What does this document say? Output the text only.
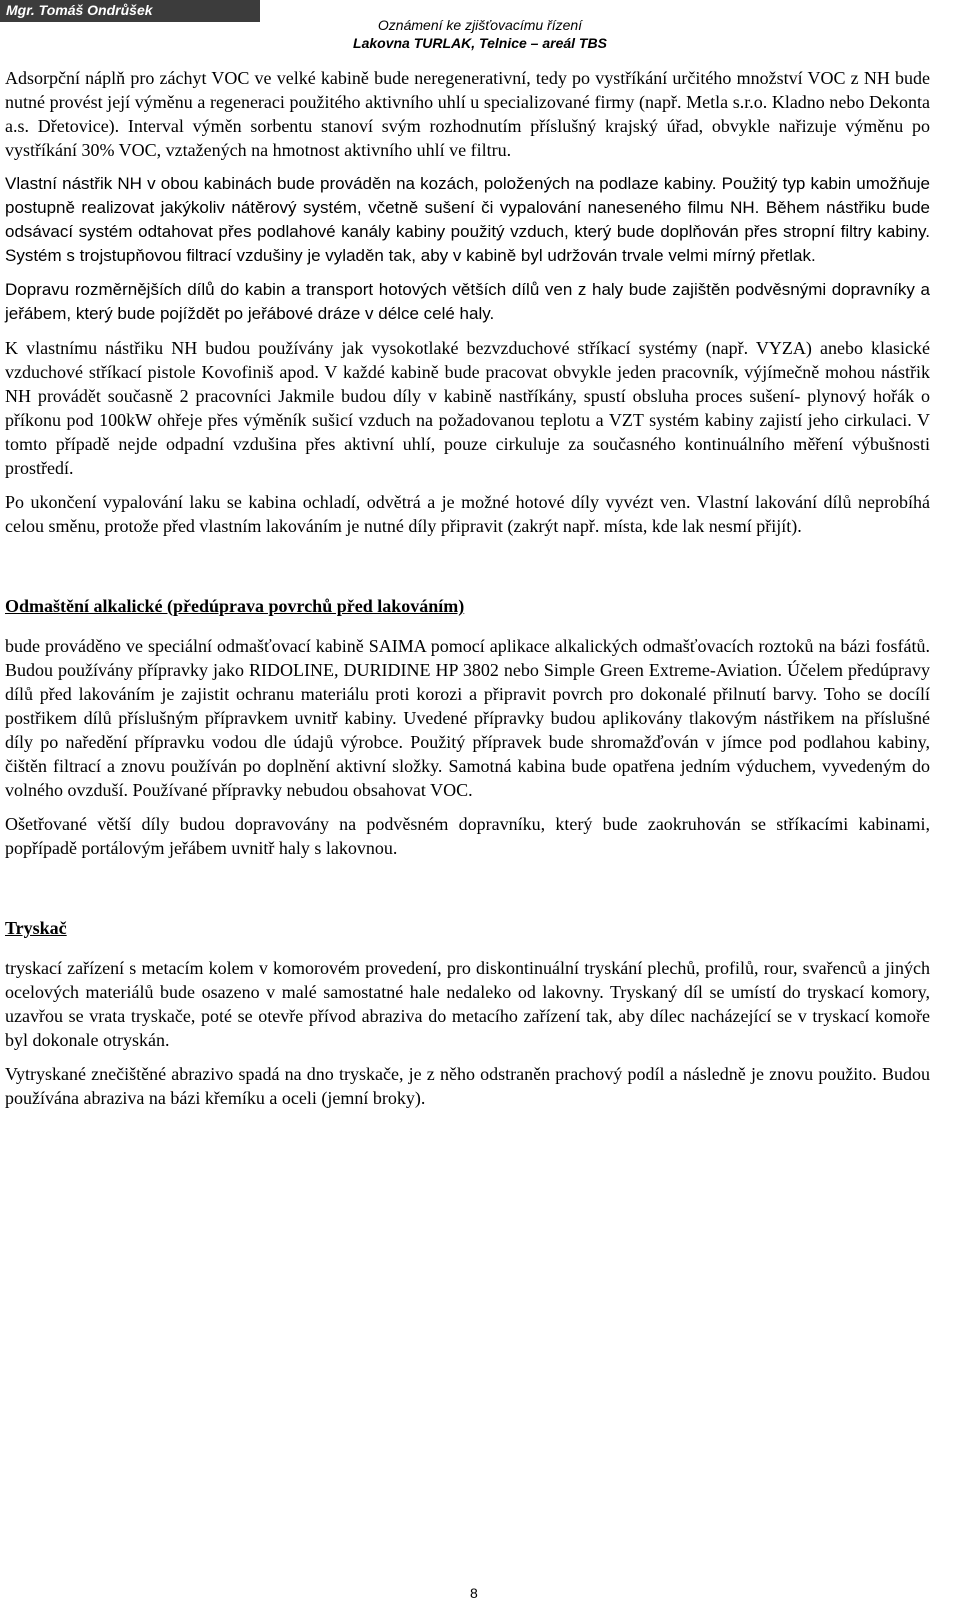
Mgr. Tomáš Ondrůšek
Oznámení ke zjišťovacímu řízení
Lakovna TURLAK, Telnice – areál TBS

Adsorpční náplň pro záchyt VOC ve velké kabině bude neregenerativní, tedy po vystříkání určitého množství VOC z NH bude nutné provést její výměnu a regeneraci použitého aktivního uhlí u specializované firmy (např. Metla s.r.o. Kladno nebo Dekonta a.s. Dřetovice). Interval výměn sorbentu stanoví svým rozhodnutím příslušný krajský úřad, obvykle nařizuje výměnu po vystříkání 30% VOC, vztažených na hmotnost aktivního uhlí ve filtru.

Vlastní nástřik NH v obou kabinách bude prováděn na kozách, položených na podlaze kabiny. Použitý typ kabin umožňuje postupně realizovat jakýkoliv nátěrový systém, včetně sušení či vypalování naneseného filmu NH. Během nástřiku bude odsávací systém odtahovat přes podlahové kanály kabiny použitý vzduch, který bude doplňován přes stropní filtry kabiny. Systém s trojstupňovou filtrací vzdušiny je vyladěn tak, aby v kabině byl udržován trvale velmi mírný přetlak.

Dopravu rozměrnějších dílů do kabin a transport hotových větších dílů ven z haly bude zajištěn podvěsnými dopravníky a jeřábem, který bude pojíždět po jeřábové dráze v délce celé haly.

K vlastnímu nástřiku NH budou používány jak vysokotlaké bezvzduchové stříkací systémy (např. VYZA) anebo klasické vzduchové stříkací pistole Kovofiniš apod. V každé kabině bude pracovat obvykle jeden pracovník, výjímečně mohou nástřik NH provádět současně 2 pracovníci Jakmile budou díly v kabině nastříkány, spustí obsluha proces sušení- plynový hořák o příkonu pod 100kW ohřeje přes výměník sušicí vzduch na požadovanou teplotu a VZT systém kabiny zajistí jeho cirkulaci. V tomto případě nejde odpadní vzdušina přes aktivní uhlí, pouze cirkuluje za současného kontinuálního měření výbušnosti prostředí.

Po ukončení vypalování laku se kabina ochladí, odvětrá a je možné hotové díly vyvézt ven. Vlastní lakování dílů neprobíhá celou směnu, protože před vlastním lakováním je nutné díly připravit (zakrýt např. místa, kde lak nesmí přijít).

Odmaštění alkalické (předúprava povrchů před lakováním)

bude prováděno ve speciální odmašťovací kabině SAIMA pomocí aplikace alkalických odmašťovacích roztoků na bázi fosfátů. Budou používány přípravky jako RIDOLINE, DURIDINE HP 3802 nebo Simple Green Extreme-Aviation. Účelem předúpravy dílů před lakováním je zajistit ochranu materiálu proti korozi a připravit povrch pro dokonalé přilnutí barvy. Toho se docílí postřikem dílů příslušným přípravkem uvnitř kabiny. Uvedené přípravky budou aplikovány tlakovým nástřikem na příslušné díly po naředění přípravku vodou dle údajů výrobce. Použitý přípravek bude shromažďován v jímce pod podlahou kabiny, čištěn filtrací a znovu používán po doplnění aktivní složky. Samotná kabina bude opatřena jedním výduchem, vyvedeným do volného ovzduší. Používané přípravky nebudou obsahovat VOC.

Ošetřované větší díly budou dopravovány na podvěsném dopravníku, který bude zaokruhován se stříkacími kabinami, popřípadě portálovým jeřábem uvnitř haly s lakovnou.

Tryskač

tryskací zařízení s metacím kolem v komorovém provedení, pro diskontinuální tryskání plechů, profilů, rour, svařenců a jiných ocelových materiálů bude osazeno v malé samostatné hale nedaleko od lakovny. Tryskaný díl se umístí do tryskací komory, uzavřou se vrata tryskače, poté se otevře přívod abraziva do metacího zařízení tak, aby dílec nacházející se v tryskací komoře byl dokonale otryskán.

Vytryskané znečištěné abrazivo spadá na dno tryskače, je z něho odstraněn prachový podíl a následně je znovu použito. Budou používána abraziva na bázi křemíku a oceli (jemní broky).

8
